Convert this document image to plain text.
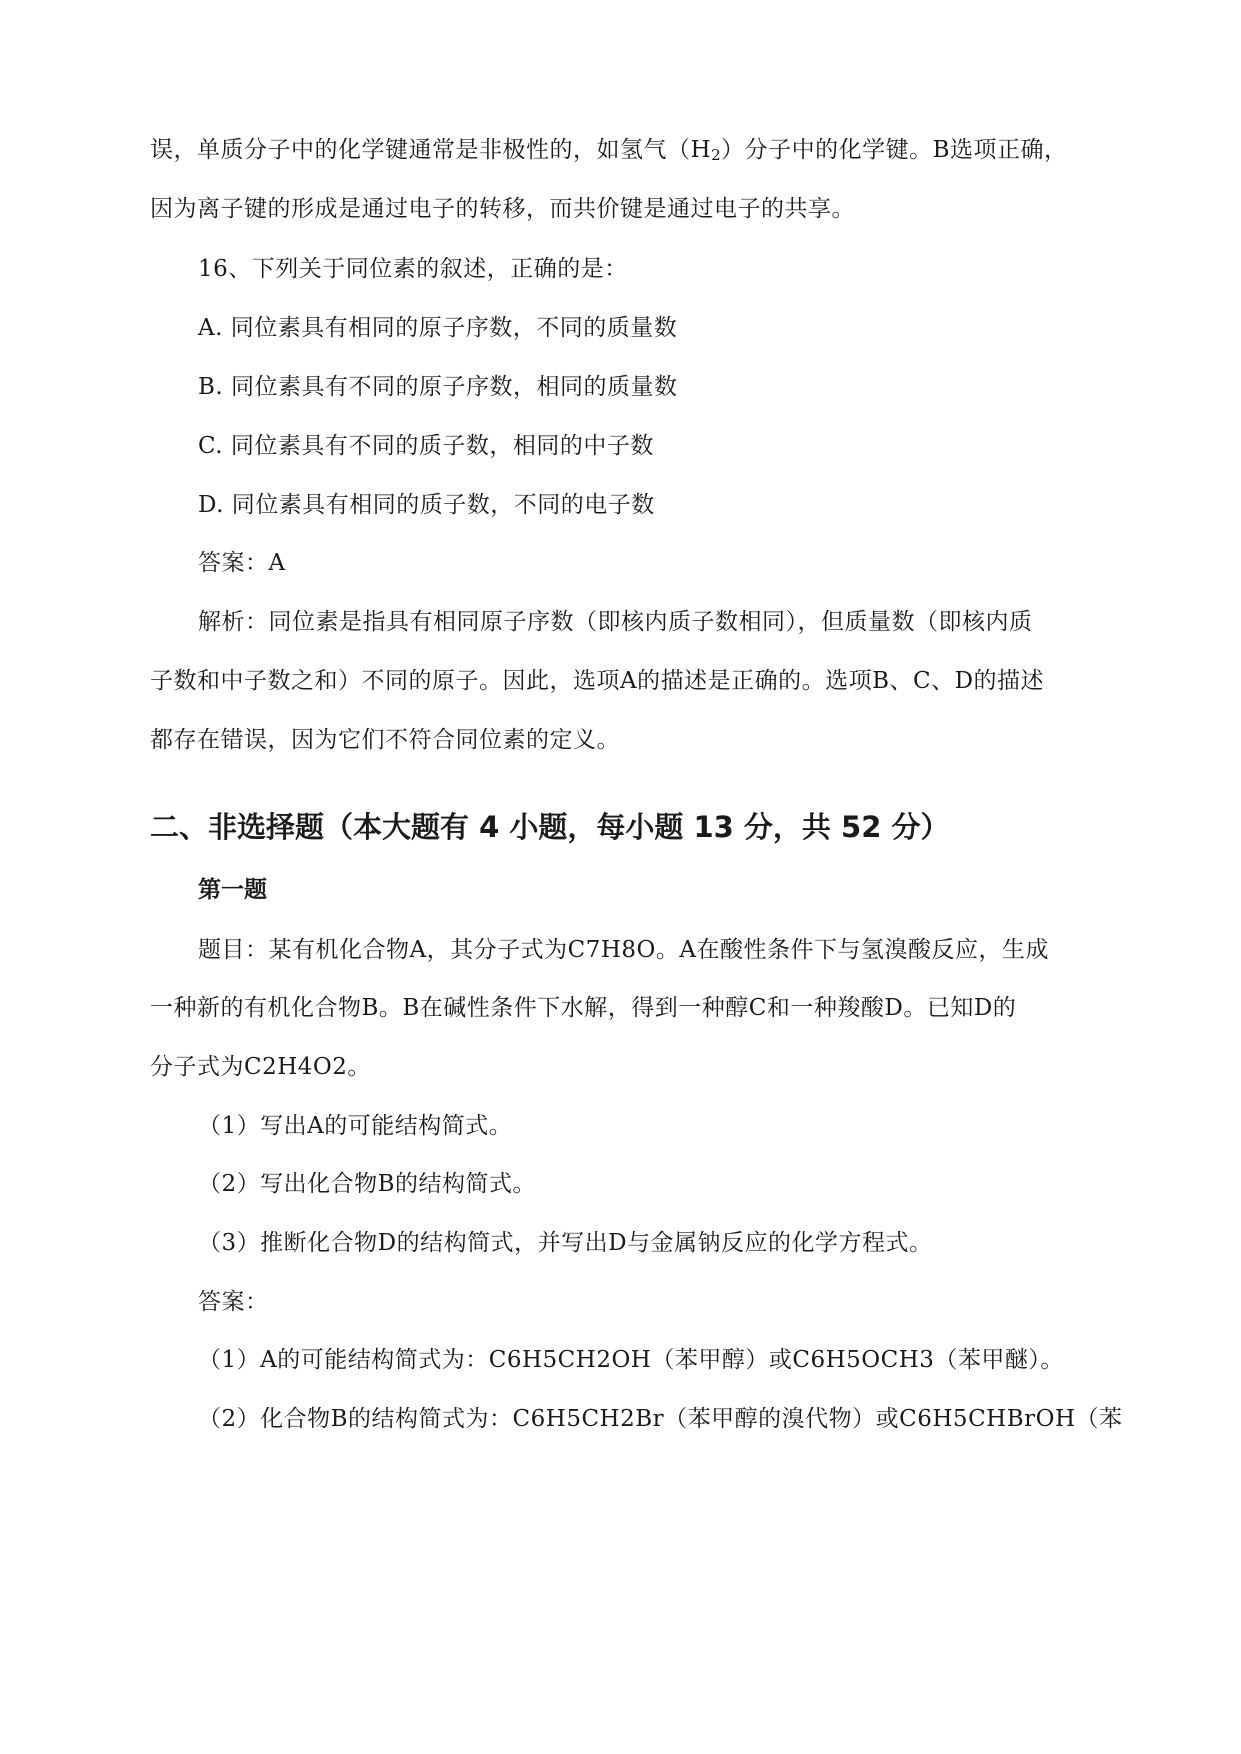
误，单质分子中的化学键通常是非极性的，如氢气$(H_2)$分子中的化学键。B选项正确，
因为离子键的形成是通过电子的转移，而共价键是通过电子的共享。
16、下列关于同位素的叙述，正确的是：
A. 同位素具有相同的原子序数，不同的质量数
B. 同位素具有不同的原子序数，相同的质量数
C. 同位素具有不同的质子数，相同的中子数
D. 同位素具有相同的质子数，不同的电子数
答案：A
解析：同位素是指具有相同原子序数（即核内质子数相同），但质量数（即核内质
子数和中子数之和）不同的原子。因此，选项A的描述是正确的。选项B、C、D的描述
都存在错误，因为它们不符合同位素的定义。
二、非选择题（本大题有 4 小题，每小题 13 分，共 52 分）
第一题
题目：某有机化合物A，其分子式为C7H8O。A在酸性条件下与氢溴酸反应，生成
一种新的有机化合物B。B在碱性条件下水解，得到一种醇C和一种羧酸D。已知D的
分子式为C2H4O2。
（1）写出A的可能结构简式。
（2）写出化合物B的结构简式。
（3）推断化合物D的结构简式，并写出D与金属钠反应的化学方程式。
答案：
（1）A的可能结构简式为：C6H5CH2OH（苯甲醇）或C6H5OCH3（苯甲醚）。
（2）化合物B的结构简式为：C6H5CH2Br（苯甲醇的溴代物）或C6H5CHBrOH（苯
